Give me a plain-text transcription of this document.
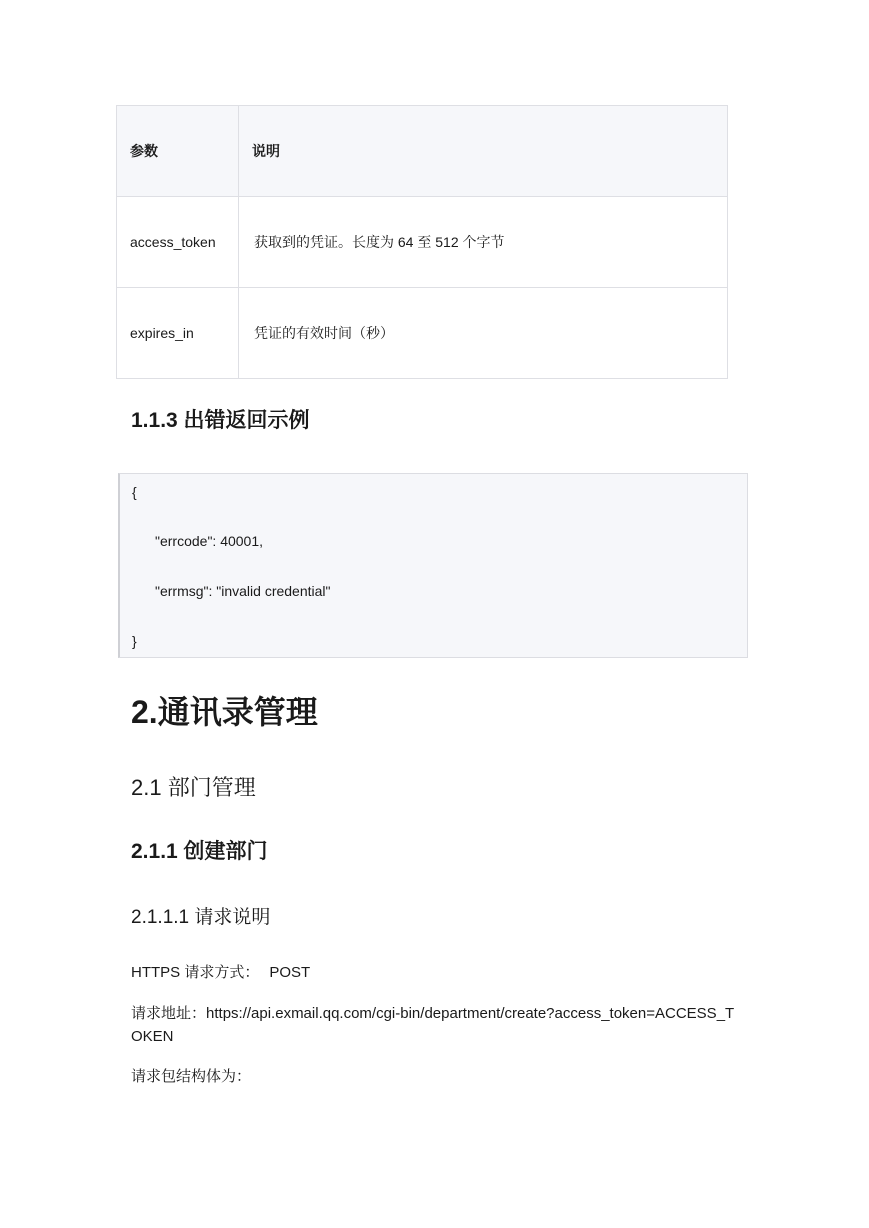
参数	说明
access_token	获取到的凭证。长度为 64 至 512 个字节
expires_in	凭证的有效时间（秒）
1.1.3 出错返回示例
{
"errcode": 40001,
"errmsg": "invalid credential"
}
2.通讯录管理
2.1 部门管理
2.1.1 创建部门
2.1.1.1 请求说明

HTTPS 请求方式： POST

请求地址：https://api.exmail.qq.com/cgi-bin/department/create?access_token=ACCESS_TOKEN

请求包结构体为：
